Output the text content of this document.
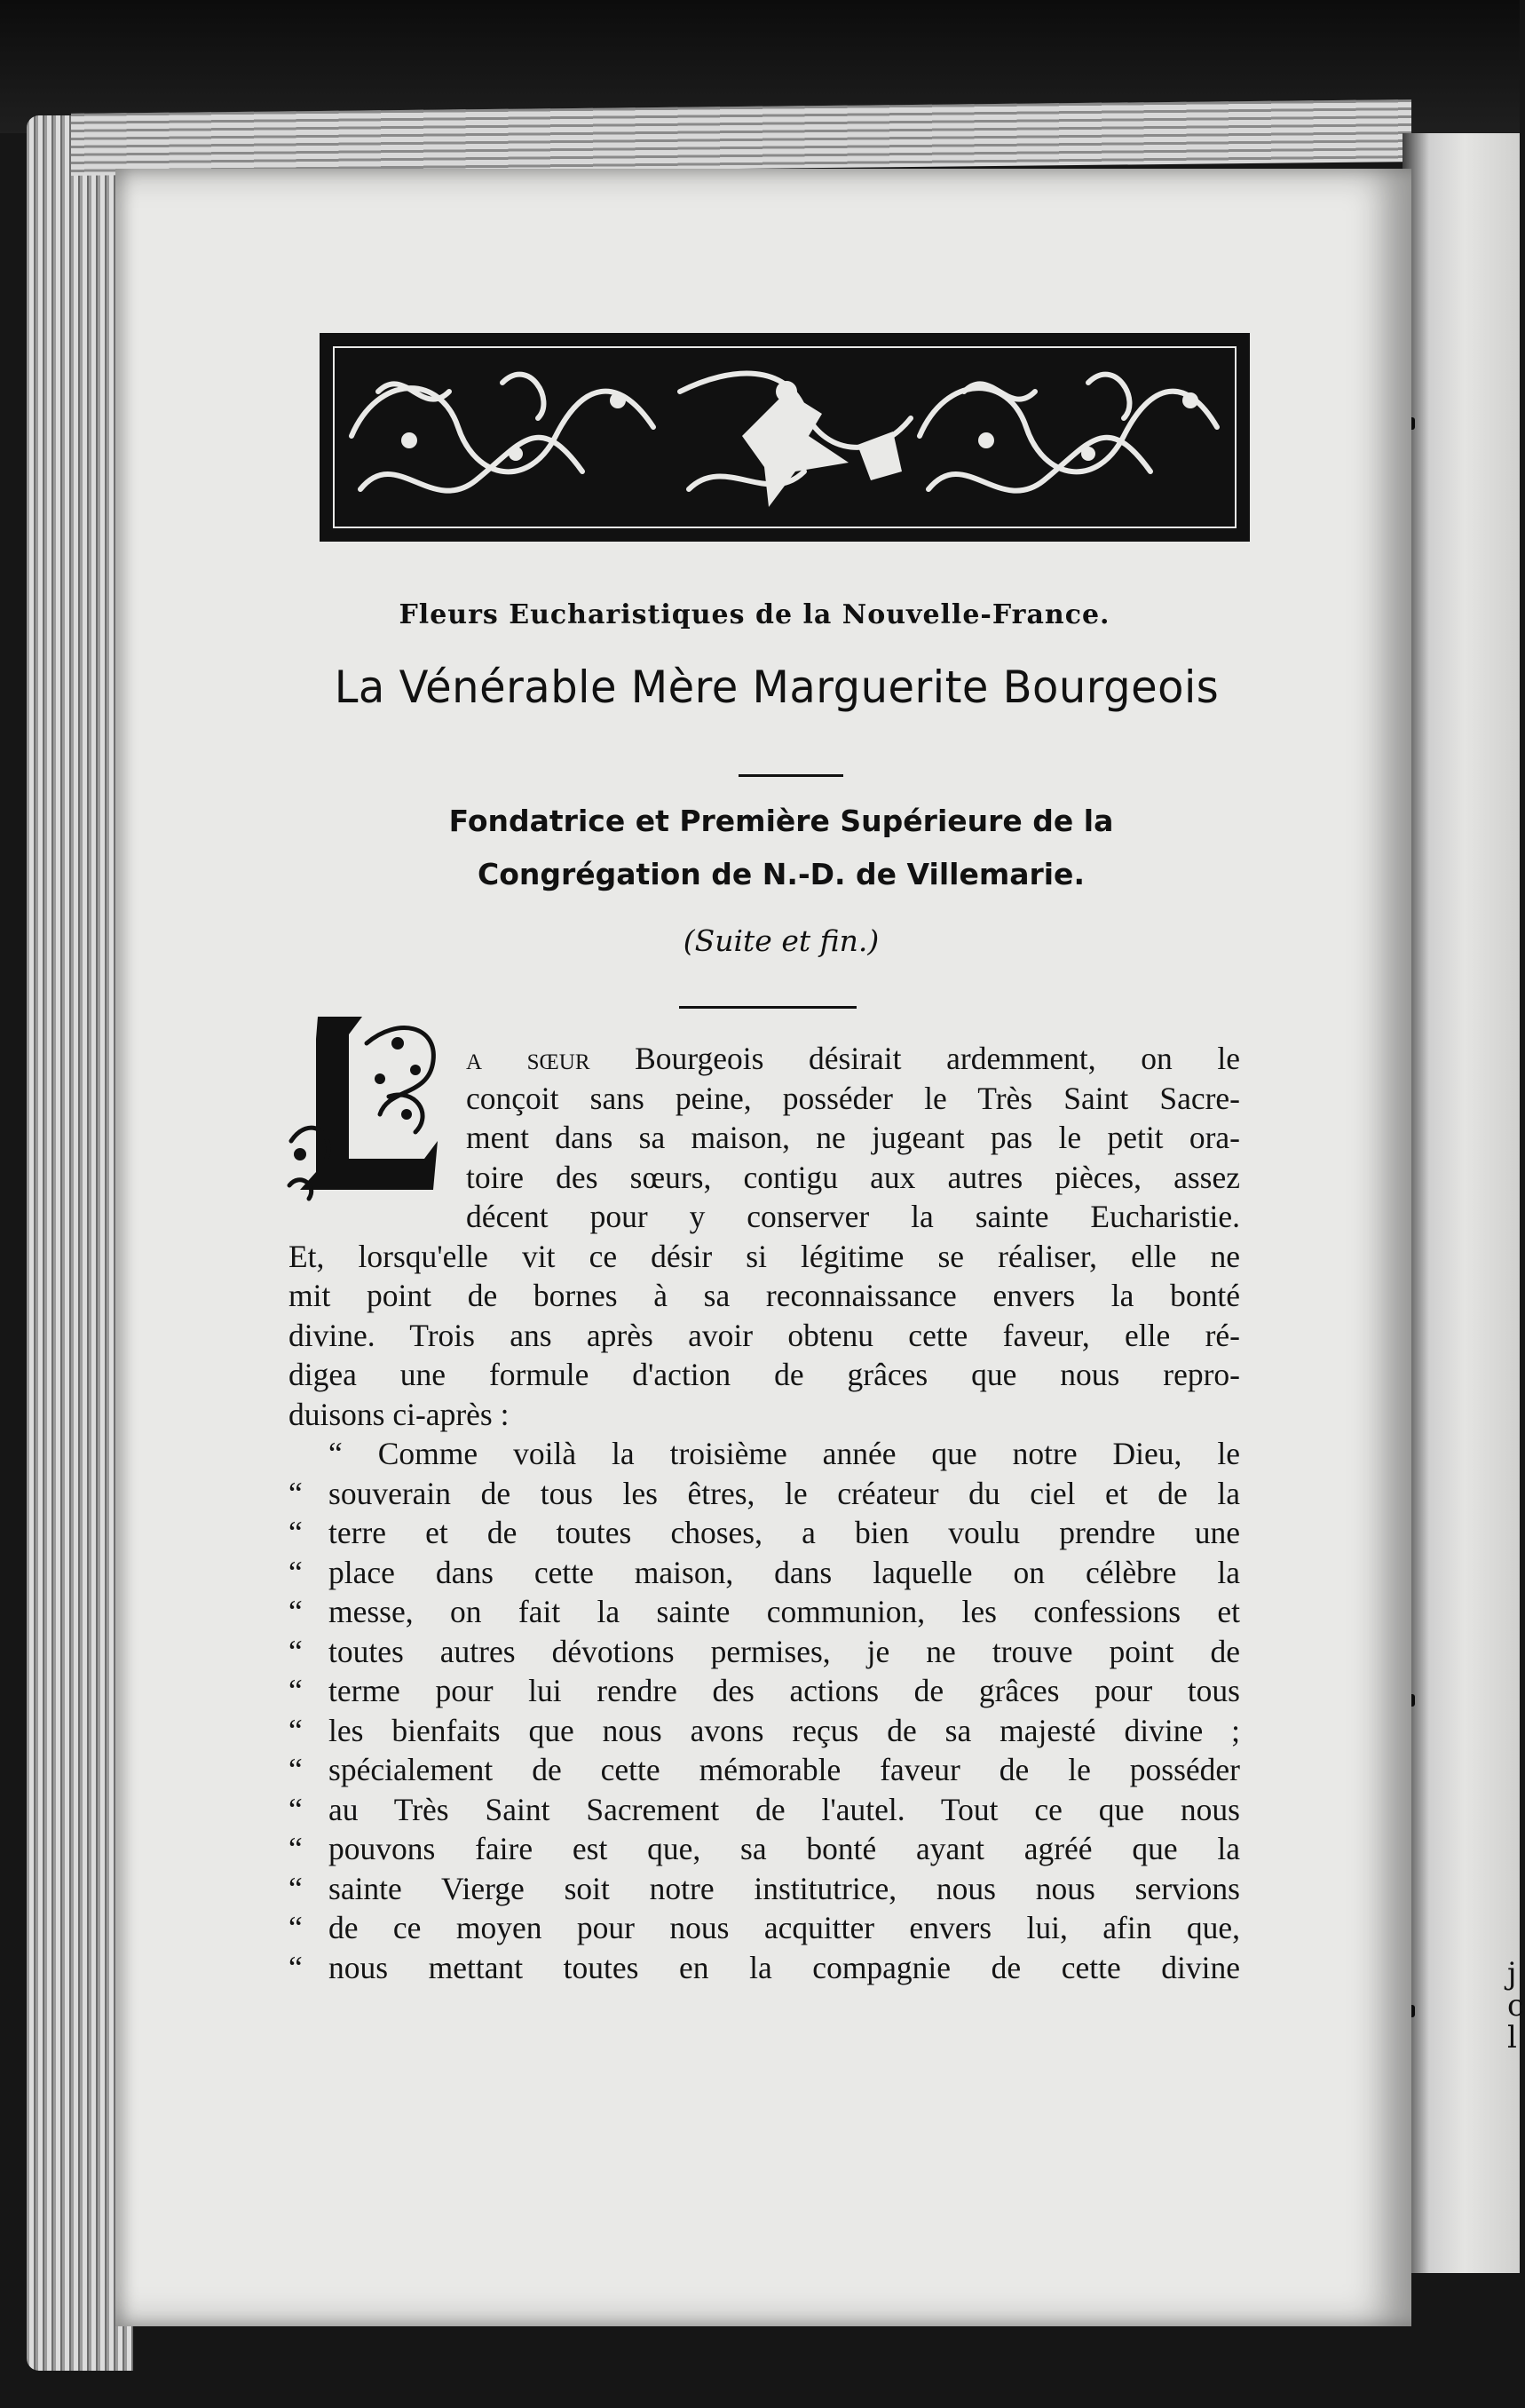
j c l
Fleurs Eucharistiques de la Nouvelle-France.
La Vénérable Mère Marguerite Bourgeois
Fondatrice et Première Supérieure de la
Congrégation de N.-D. de Villemarie.
(Suite et fin.)
a sœur Bourgeois désirait ardemment, on le
conçoit sans peine, posséder le Très Saint Sacre-
ment dans sa maison, ne jugeant pas le petit ora-
toire des sœurs, contigu aux autres pièces, assez
décent pour y conserver la sainte Eucharistie.
Et, lorsqu'elle vit ce désir si légitime se réaliser, elle ne
mit point de bornes à sa reconnaissance envers la bonté
divine. Trois ans après avoir obtenu cette faveur, elle ré-
digea une formule d'action de grâces que nous repro-
duisons ci-après :
“ Comme voilà la troisième année que notre Dieu, le
“ souverain de tous les êtres, le créateur du ciel et de la
“ terre et de toutes choses, a bien voulu prendre une
“ place dans cette maison, dans laquelle on célèbre la
“ messe, on fait la sainte communion, les confessions et
“ toutes autres dévotions permises, je ne trouve point de
“ terme pour lui rendre des actions de grâces pour tous
“ les bienfaits que nous avons reçus de sa majesté divine ;
“ spécialement de cette mémorable faveur de le posséder
“ au Très Saint Sacrement de l'autel. Tout ce que nous
“ pouvons faire est que, sa bonté ayant agréé que la
“ sainte Vierge soit notre institutrice, nous nous servions
“ de ce moyen pour nous acquitter envers lui, afin que,
“ nous mettant toutes en la compagnie de cette divine
